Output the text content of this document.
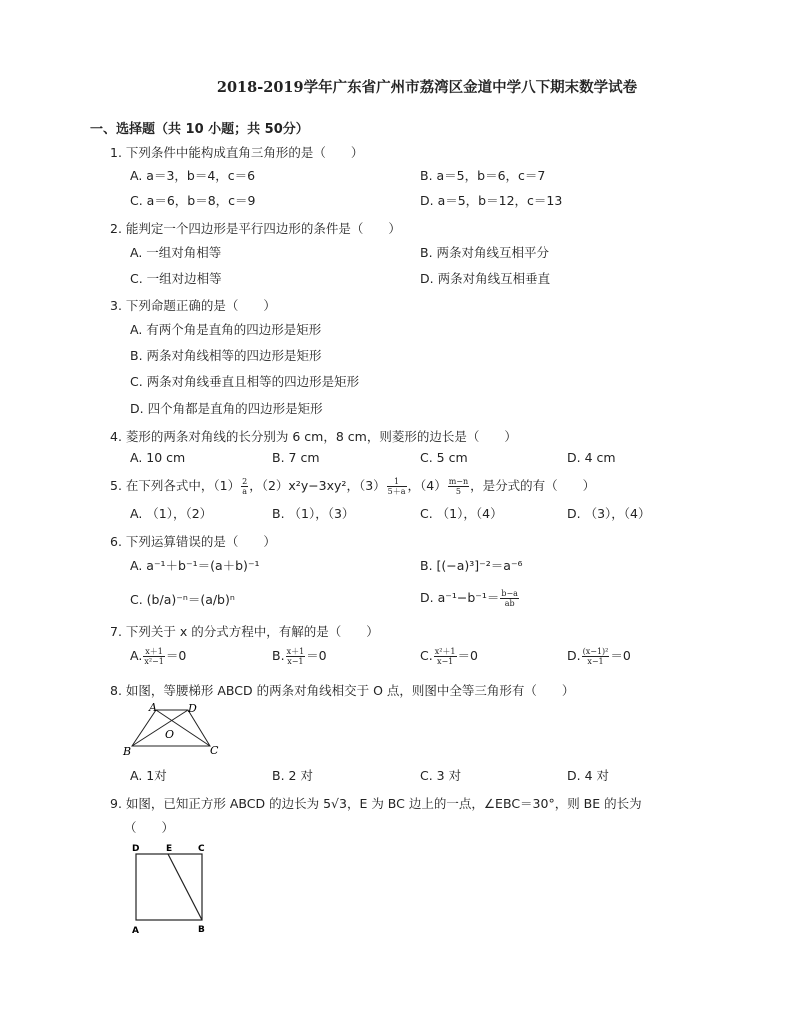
2018-2019学年广东省广州市荔湾区金道中学八下期末数学试卷
一、选择题（共 10 小题；共 50分）
1. 下列条件中能构成直角三角形的是（　　）
A. a＝3，b＝4，c＝6	B. a＝5，b＝6，c＝7
C. a＝6，b＝8，c＝9	D. a＝5，b＝12，c＝13
2. 能判定一个四边形是平行四边形的条件是（　　）
A. 一组对角相等	B. 两条对角线互相平分
C. 一组对边相等	D. 两条对角线互相垂直
3. 下列命题正确的是（　　）
A. 有两个角是直角的四边形是矩形
B. 两条对角线相等的四边形是矩形
C. 两条对角线垂直且相等的四边形是矩形
D. 四个角都是直角的四边形是矩形
4. 菱形的两条对角线的长分别为 6 cm，8 cm，则菱形的边长是（　　）
A. 10 cm	B. 7 cm	C. 5 cm	D. 4 cm
5. 在下列各式中，$(1) \frac{2}{a}$ ，（2）x²y−3xy²，$(3) \frac{1}{5+a}$ ，$(4) \frac{m-n}{5}$ ，是分式的有（　　）
A. （1），（2）	B. （1），（3）	C. （1），（4）	D. （3），（4）
6. 下列运算错误的是（　　）
A. a⁻¹＋b⁻¹＝(a＋b)⁻¹	B. [(−a)³]⁻²＝a⁻⁶
C. (b/a)⁻ⁿ＝(a/b)ⁿ	D. $a^{-1}-b^{-1}= \frac{b-a}{ab}$
7. 下列关于 x 的分式方程中，有解的是（　　）
A. $\frac{x+1}{\text{x²−1}} =0$	B. $\frac{x+1}{x-1} =0$	C. $\frac{\text{x²＋1}}{x-1} =0$	D. $\frac{\text{(x−1)²}}{x-1} =0$
8. 如图，等腰梯形 ABCD 的两条对角线相交于 O 点，则图中全等三角形有（　　）
A	D
O
B	C
A. 1对	B. 2 对	C. 3 对	D. 4 对
9. 如图，已知正方形 ABCD 的边长为 5√3，E 为 BC 边上的一点，∠EBC＝30°，则 BE 的长为
（　　）
D	E	C
A	B
